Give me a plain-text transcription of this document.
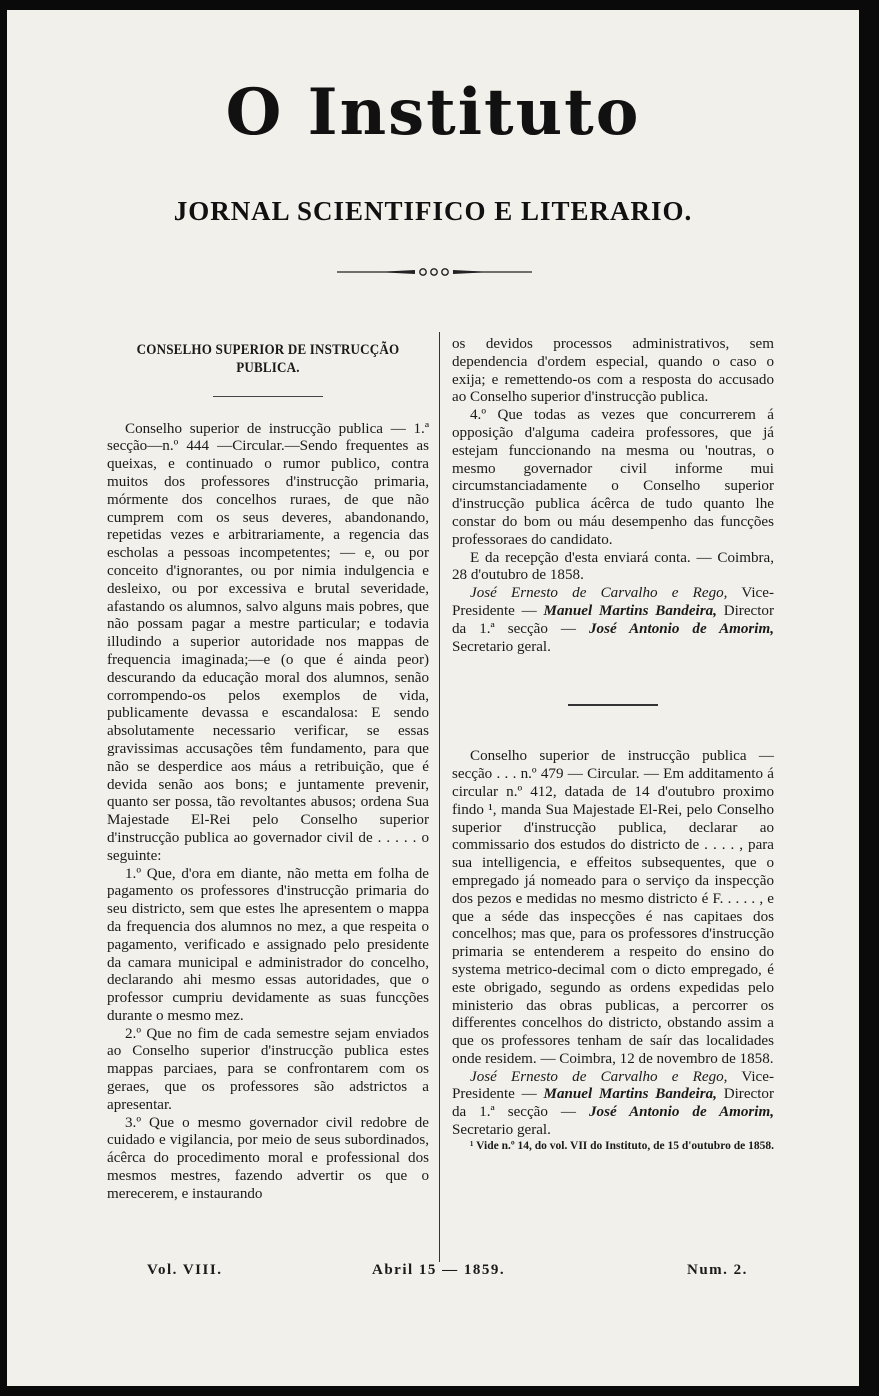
O Instituto
JORNAL SCIENTIFICO E LITERARIO.
CONSELHO SUPERIOR DE INSTRUCÇÃO PUBLICA.

Conselho superior de instrucção publica — 1.ª secção—n.º 444 —Circular.—Sendo frequentes as queixas, e continuado o rumor publico, contra muitos dos professores d'instrucção primaria, mórmente dos concelhos ruraes, de que não cumprem com os seus deveres, abandonando, repetidas vezes e arbitrariamente, a regencia das escholas a pessoas incompetentes; — e, ou por conceito d'ignorantes, ou por nimia indulgencia e desleixo, ou por excessiva e brutal severidade, afastando os alumnos, salvo alguns mais pobres, que não possam pagar a mestre particular; e todavia illudindo a superior autoridade nos mappas de frequencia imaginada;—e (o que é ainda peor) descurando da educação moral dos alumnos, senão corrompendo-os pelos exemplos de vida, publicamente devassa e escandalosa: E sendo absolutamente necessario verificar, se essas gravissimas accusações têm fundamento, para que não se desperdice aos máus a retribuição, que é devida senão aos bons; e juntamente prevenir, quanto ser possa, tão revoltantes abusos; ordena Sua Majestade El-Rei pelo Conselho superior d'instrucção publica ao governador civil de . . . . . o seguinte:

1.º Que, d'ora em diante, não metta em folha de pagamento os professores d'instrucção primaria do seu districto, sem que estes lhe apresentem o mappa da frequencia dos alumnos no mez, a que respeita o pagamento, verificado e assignado pelo presidente da camara municipal e administrador do concelho, declarando ahi mesmo essas autoridades, que o professor cumpriu devidamente as suas funcções durante o mesmo mez.

2.º Que no fim de cada semestre sejam enviados ao Conselho superior d'instrucção publica estes mappas parciaes, para se confrontarem com os geraes, que os professores são adstrictos a apresentar.

3.º Que o mesmo governador civil redobre de cuidado e vigilancia, por meio de seus subordinados, ácêrca do procedimento moral e professional dos mesmos mestres, fazendo advertir os que o merecerem, e instaurando

os devidos processos administrativos, sem dependencia d'ordem especial, quando o caso o exija; e remettendo-os com a resposta do accusado ao Conselho superior d'instrucção publica.

4.º Que todas as vezes que concurrerem á opposição d'alguma cadeira professores, que já estejam funccionando na mesma ou 'noutras, o mesmo governador civil informe mui circumstanciadamente o Conselho superior d'instrucção publica ácêrca de tudo quanto lhe constar do bom ou máu desempenho das funcções professoraes do candidato.

E da recepção d'esta enviará conta. — Coimbra, 28 d'outubro de 1858.

José Ernesto de Carvalho e Rego, Vice-Presidente — Manuel Martins Bandeira, Director da 1.ª secção — José Antonio de Amorim, Secretario geral.

Conselho superior de instrucção publica — secção . . . n.º 479 — Circular. — Em additamento á circular n.º 412, datada de 14 d'outubro proximo findo ¹, manda Sua Majestade El-Rei, pelo Conselho superior d'instrucção publica, declarar ao commissario dos estudos do districto de . . . . , para sua intelligencia, e effeitos subsequentes, que o empregado já nomeado para o serviço da inspecção dos pezos e medidas no mesmo districto é F. . . . . , e que a séde das inspecções é nas capitaes dos concelhos; mas que, para os professores d'instrucção primaria se entenderem a respeito do ensino do systema metrico-decimal com o dicto empregado, é este obrigado, segundo as ordens expedidas pelo ministerio das obras publicas, a percorrer os differentes concelhos do districto, obstando assim a que os professores tenham de saír das localidades onde residem. — Coimbra, 12 de novembro de 1858.

José Ernesto de Carvalho e Rego, Vice-Presidente — Manuel Martins Bandeira, Director da 1.ª secção — José Antonio de Amorim, Secretario geral.

¹ Vide n.º 14, do vol. VII do Instituto, de 15 d'outubro de 1858.

Vol. VIII.	Abril 15 — 1859.	Num. 2.
